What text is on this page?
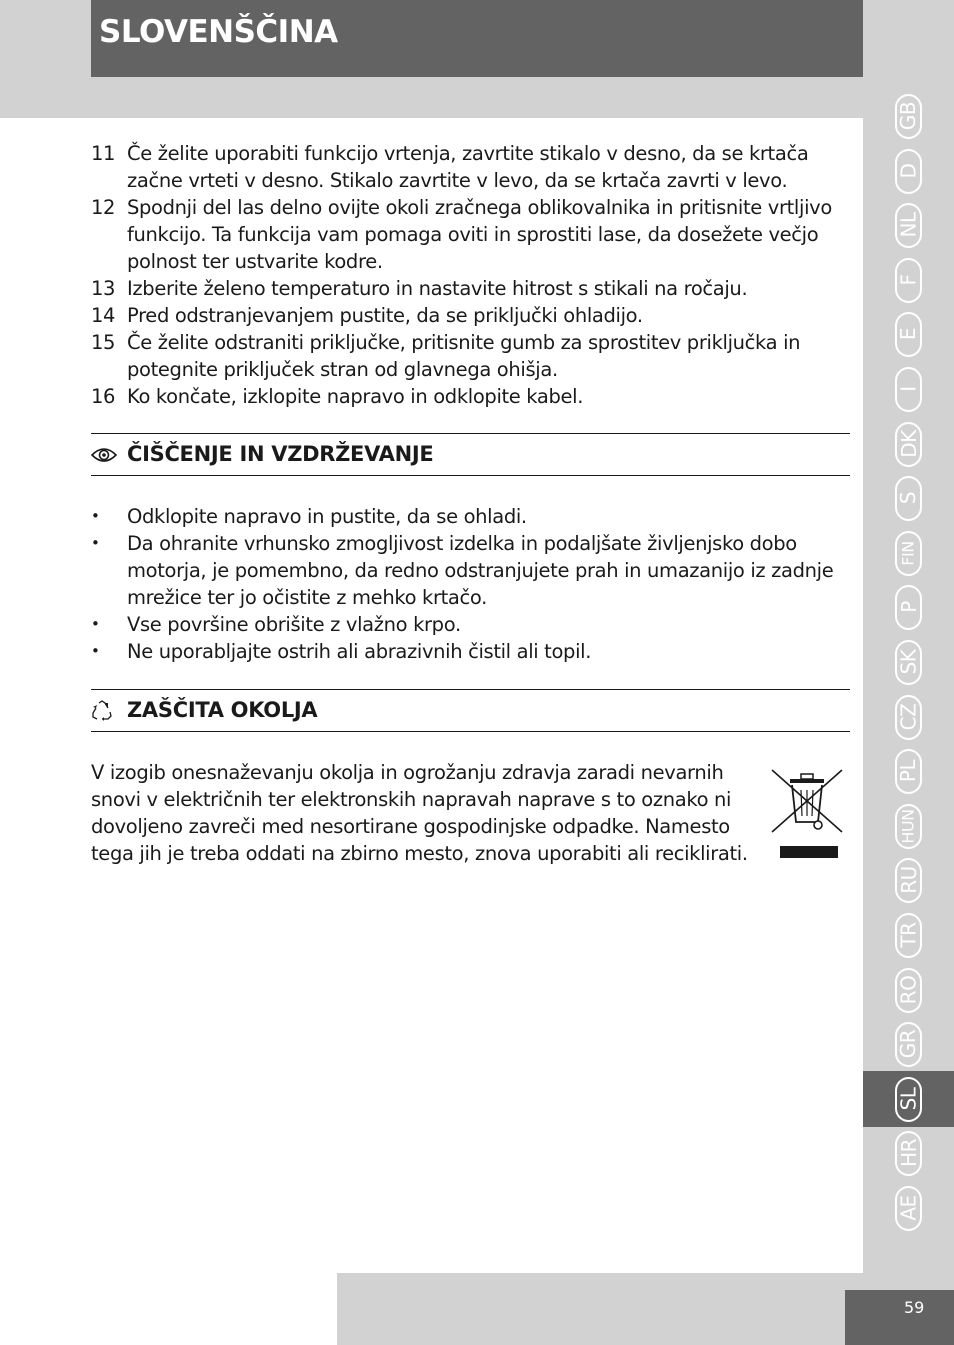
SLOVENŠČINA
11 Če želite uporabiti funkcijo vrtenja, zavrtite stikalo v desno, da se krtača začne vrteti v desno. Stikalo zavrtite v levo, da se krtača zavrti v levo.
12 Spodnji del las delno ovijte okoli zračnega oblikovalnika in pritisnite vrtljivo funkcijo. Ta funkcija vam pomaga oviti in sprostiti lase, da dosežete večjo polnost ter ustvarite kodre.
13 Izberite želeno temperaturo in nastavite hitrost s stikali na ročaju.
14 Pred odstranjevanjem pustite, da se priključki ohladijo.
15 Če želite odstraniti priključke, pritisnite gumb za sprostitev priključka in potegnite priključek stran od glavnega ohišja.
16 Ko končate, izklopite napravo in odklopite kabel.
ČIŠČENJE IN VZDRŽEVANJE
• Odklopite napravo in pustite, da se ohladi.
• Da ohranite vrhunsko zmogljivost izdelka in podaljšate življenjsko dobo motorja, je pomembno, da redno odstranjujete prah in umazanijo iz zadnje mrežice ter jo očistite z mehko krtačo.
• Vse površine obrišite z vlažno krpo.
• Ne uporabljajte ostrih ali abrazivnih čistil ali topil.
ZAŠČITA OKOLJA
V izogib onesnaževanju okolja in ogrožanju zdravja zaradi nevarnih snovi v električnih ter elektronskih napravah naprave s to oznako ni dovoljeno zavreči med nesortirane gospodinjske odpadke. Namesto tega jih je treba oddati na zbirno mesto, znova uporabiti ali reciklirati.
GB
D
NL
F
E
I
DK
S
FIN
P
SK
CZ
PL
HUN
RU
TR
RO
GR
SL
HR
AE
59
